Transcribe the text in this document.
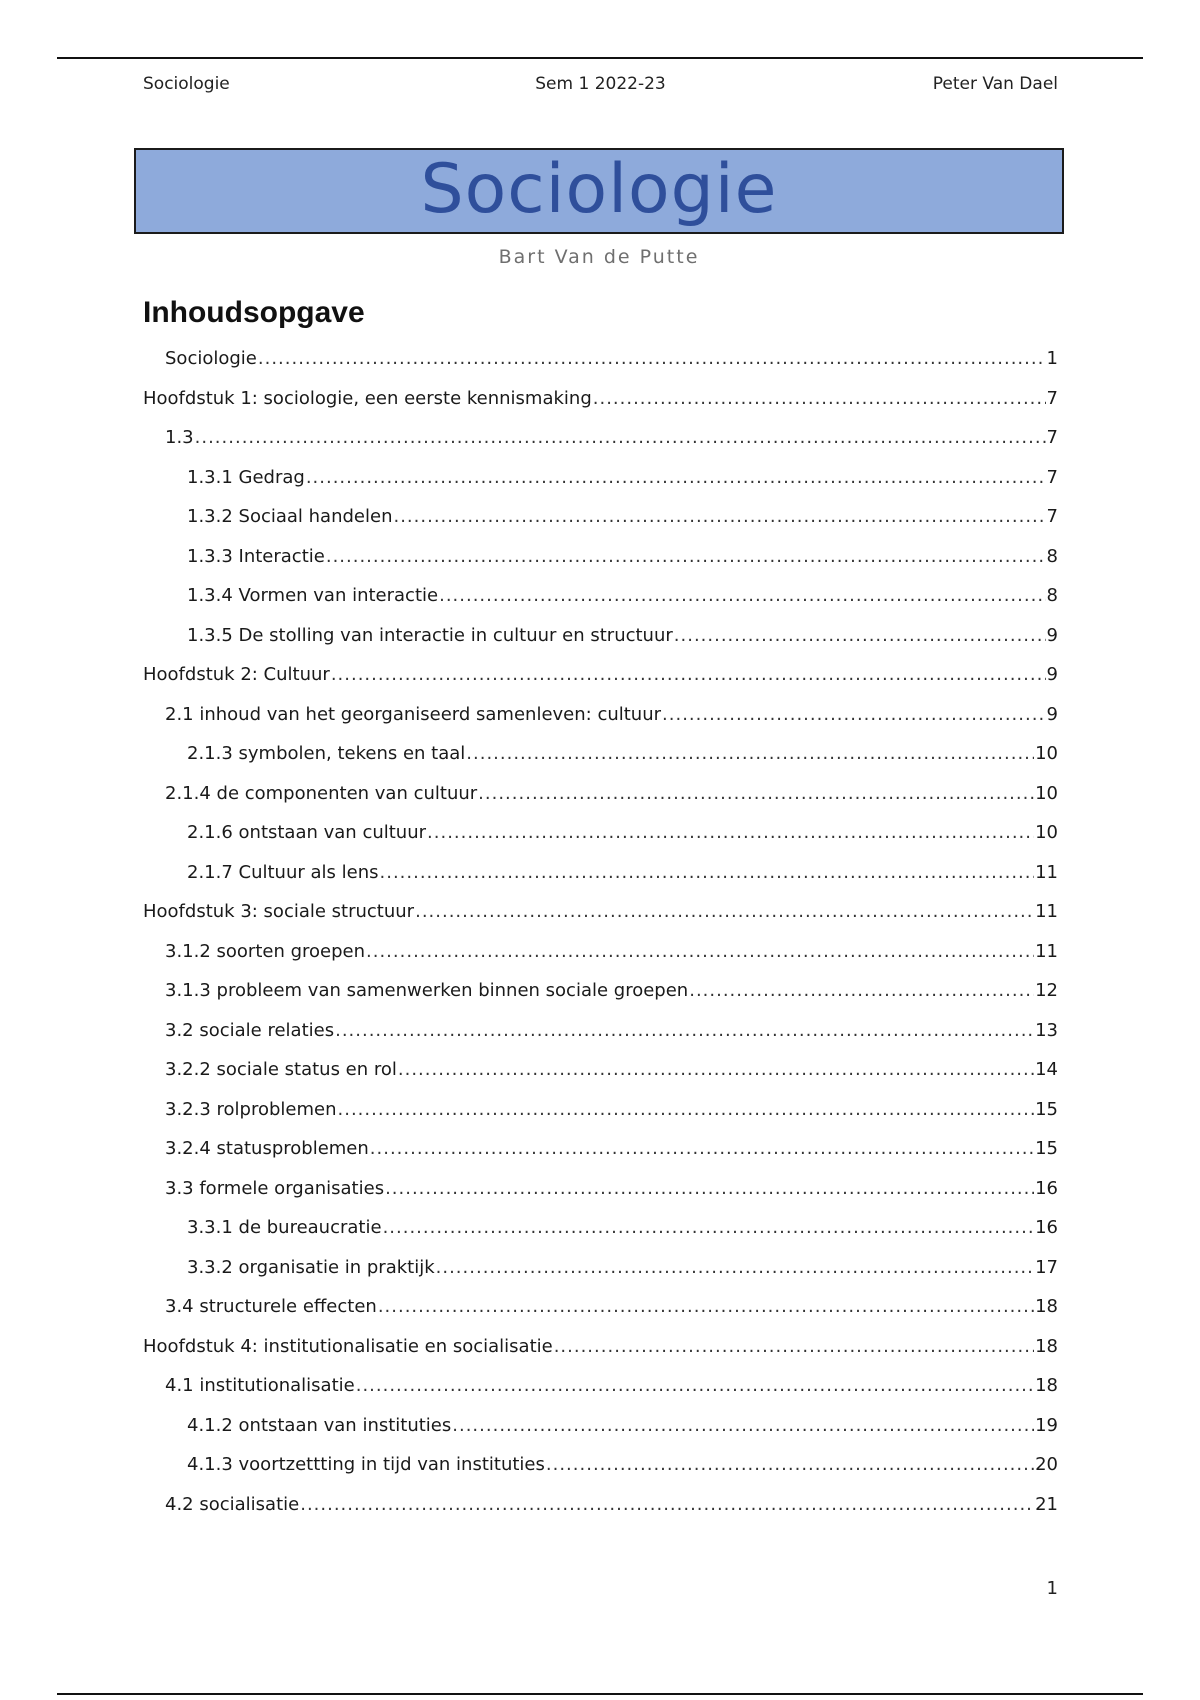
Sociologie	Sem 1 2022-23	Peter Van Dael
Sociologie
Bart Van de Putte
Inhoudsopgave
Sociologie .....	1
Hoofdstuk 1: sociologie, een eerste kennismaking .....	7
1.3 .....	7
1.3.1 Gedrag .....	7
1.3.2 Sociaal handelen .....	7
1.3.3 Interactie .....	8
1.3.4 Vormen van interactie .....	8
1.3.5 De stolling van interactie in cultuur en structuur .....	9
Hoofdstuk 2: Cultuur .....	9
2.1 inhoud van het georganiseerd samenleven: cultuur .....	9
2.1.3 symbolen, tekens en taal .....	10
2.1.4 de componenten van cultuur .....	10
2.1.6 ontstaan van cultuur .....	10
2.1.7 Cultuur als lens .....	11
Hoofdstuk 3: sociale structuur .....	11
3.1.2 soorten groepen .....	11
3.1.3 probleem van samenwerken binnen sociale groepen .....	12
3.2 sociale relaties .....	13
3.2.2 sociale status en rol .....	14
3.2.3 rolproblemen .....	15
3.2.4 statusproblemen .....	15
3.3 formele organisaties .....	16
3.3.1 de bureaucratie .....	16
3.3.2 organisatie in praktijk .....	17
3.4 structurele effecten .....	18
Hoofdstuk 4: institutionalisatie en socialisatie .....	18
4.1 institutionalisatie .....	18
4.1.2 ontstaan van instituties .....	19
4.1.3 voortzettting in tijd van instituties .....	20
4.2 socialisatie .....	21
1
